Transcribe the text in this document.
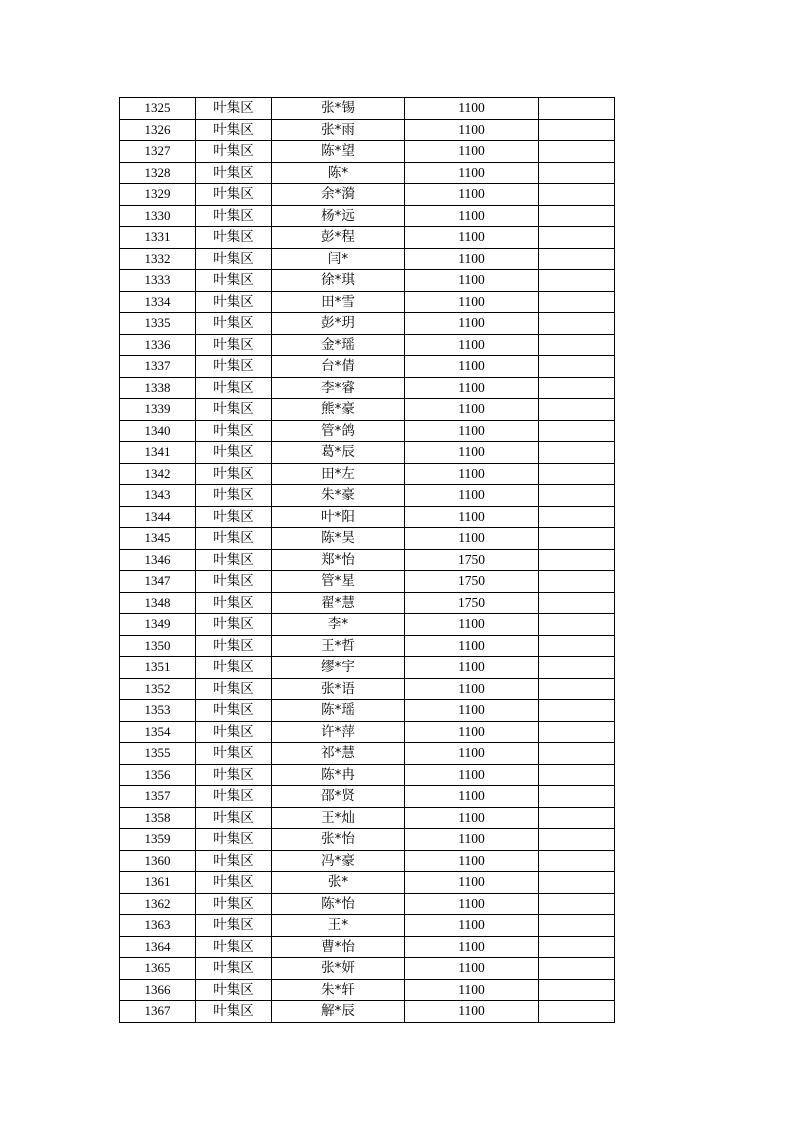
1325	叶集区	张*锡	1100	
1326	叶集区	张*雨	1100	
1327	叶集区	陈*望	1100	
1328	叶集区	陈*	1100	
1329	叶集区	余*漪	1100	
1330	叶集区	杨*远	1100	
1331	叶集区	彭*程	1100	
1332	叶集区	闫*	1100	
1333	叶集区	徐*琪	1100	
1334	叶集区	田*雪	1100	
1335	叶集区	彭*玥	1100	
1336	叶集区	金*瑶	1100	
1337	叶集区	台*倩	1100	
1338	叶集区	李*睿	1100	
1339	叶集区	熊*豪	1100	
1340	叶集区	管*鸽	1100	
1341	叶集区	葛*辰	1100	
1342	叶集区	田*左	1100	
1343	叶集区	朱*豪	1100	
1344	叶集区	叶*阳	1100	
1345	叶集区	陈*昊	1100	
1346	叶集区	郑*怡	1750	
1347	叶集区	管*星	1750	
1348	叶集区	翟*慧	1750	
1349	叶集区	李*	1100	
1350	叶集区	王*哲	1100	
1351	叶集区	缪*宇	1100	
1352	叶集区	张*语	1100	
1353	叶集区	陈*瑶	1100	
1354	叶集区	许*萍	1100	
1355	叶集区	祁*慧	1100	
1356	叶集区	陈*冉	1100	
1357	叶集区	邵*贤	1100	
1358	叶集区	王*灿	1100	
1359	叶集区	张*怡	1100	
1360	叶集区	冯*豪	1100	
1361	叶集区	张*	1100	
1362	叶集区	陈*怡	1100	
1363	叶集区	王*	1100	
1364	叶集区	曹*怡	1100	
1365	叶集区	张*妍	1100	
1366	叶集区	朱*轩	1100	
1367	叶集区	解*辰	1100	
